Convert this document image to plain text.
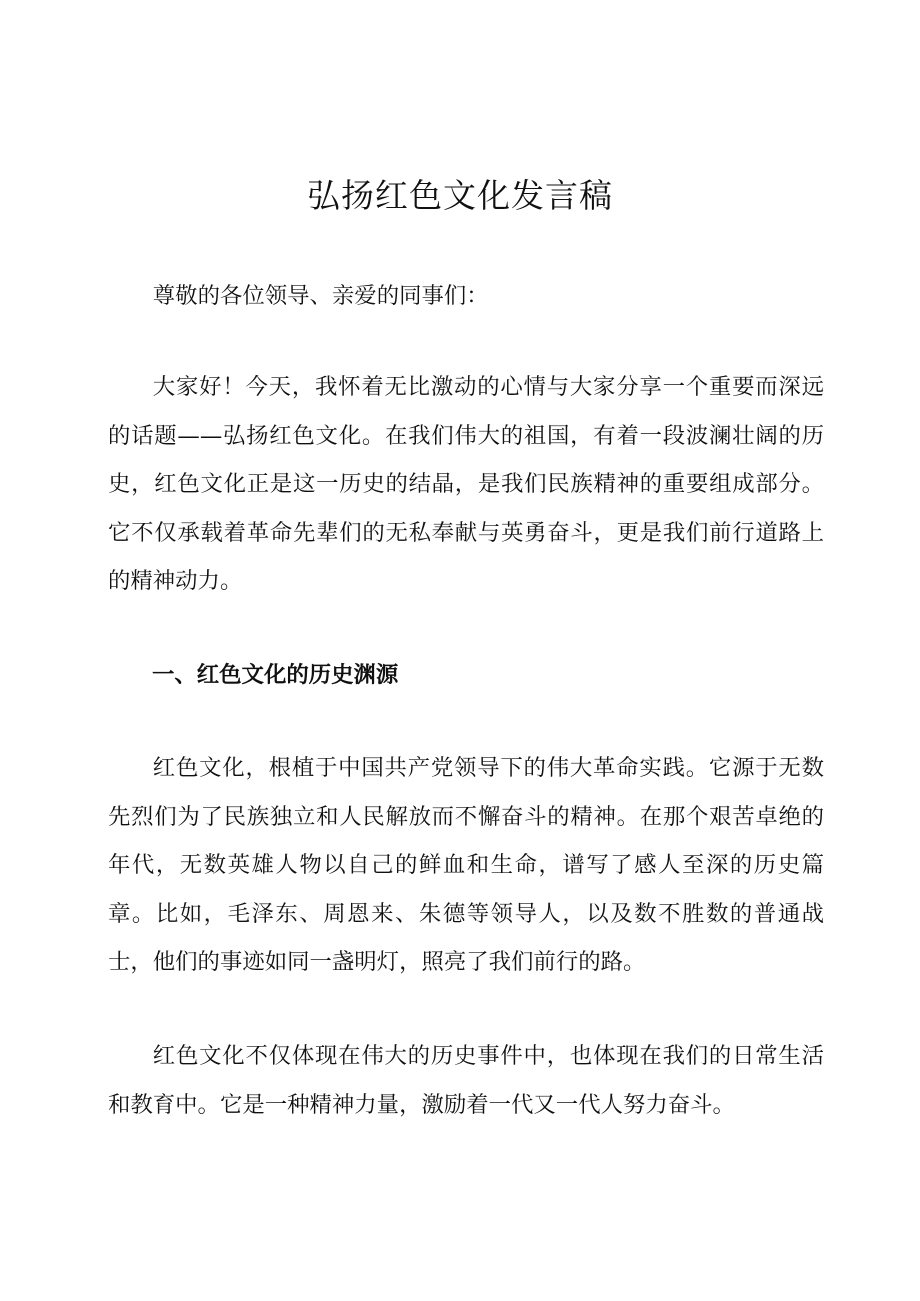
弘扬红色文化发言稿

尊敬的各位领导、亲爱的同事们：

大家好！今天，我怀着无比激动的心情与大家分享一个重要而深远的话题——弘扬红色文化。在我们伟大的祖国，有着一段波澜壮阔的历史，红色文化正是这一历史的结晶，是我们民族精神的重要组成部分。它不仅承载着革命先辈们的无私奉献与英勇奋斗，更是我们前行道路上的精神动力。

一、红色文化的历史渊源

红色文化，根植于中国共产党领导下的伟大革命实践。它源于无数先烈们为了民族独立和人民解放而不懈奋斗的精神。在那个艰苦卓绝的年代，无数英雄人物以自己的鲜血和生命，谱写了感人至深的历史篇章。比如，毛泽东、周恩来、朱德等领导人，以及数不胜数的普通战士，他们的事迹如同一盏明灯，照亮了我们前行的路。

红色文化不仅体现在伟大的历史事件中，也体现在我们的日常生活和教育中。它是一种精神力量，激励着一代又一代人努力奋斗。
